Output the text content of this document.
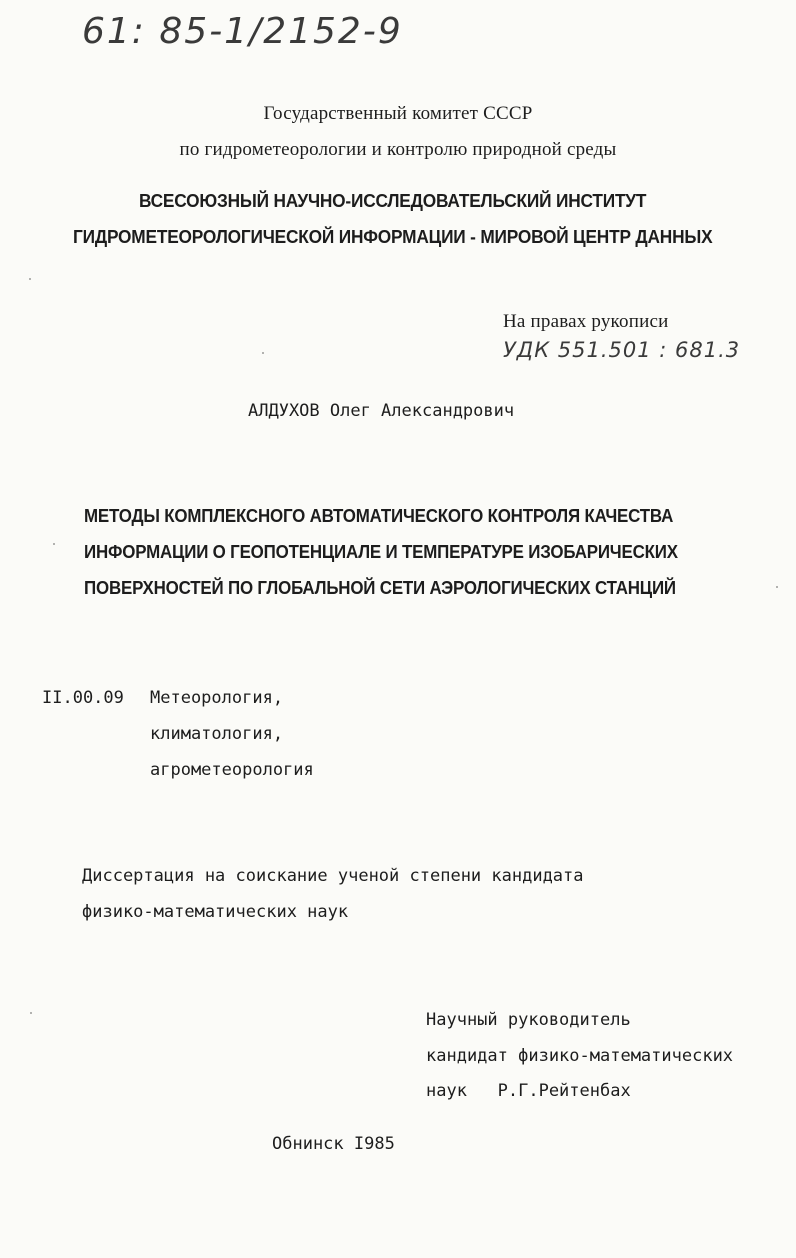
61: 85-1/2152-9
Государственный комитет СССР
по гидрометеорологии и контролю природной среды
ВСЕСОЮЗНЫЙ НАУЧНО-ИССЛЕДОВАТЕЛЬСКИЙ ИНСТИТУТ
ГИДРОМЕТЕОРОЛОГИЧЕСКОЙ ИНФОРМАЦИИ - МИРОВОЙ ЦЕНТР ДАННЫХ
На правах рукописи
УДК 551.501 : 681.3
АЛДУХОВ Олег Александрович
МЕТОДЫ КОМПЛЕКСНОГО АВТОМАТИЧЕСКОГО КОНТРОЛЯ КАЧЕСТВА
ИНФОРМАЦИИ О ГЕОПОТЕНЦИАЛЕ И ТЕМПЕРАТУРЕ ИЗОБАРИЧЕСКИХ
ПОВЕРХНОСТЕЙ ПО ГЛОБАЛЬНОЙ СЕТИ АЭРОЛОГИЧЕСКИХ СТАНЦИЙ
II.00.09 Метеорология,
климатология,
агрометеорология
Диссертация на соискание ученой степени кандидата
физико-математических наук
Научный руководитель
кандидат физико-математических
наук   Р.Г.Рейтенбах
Обнинск I985
